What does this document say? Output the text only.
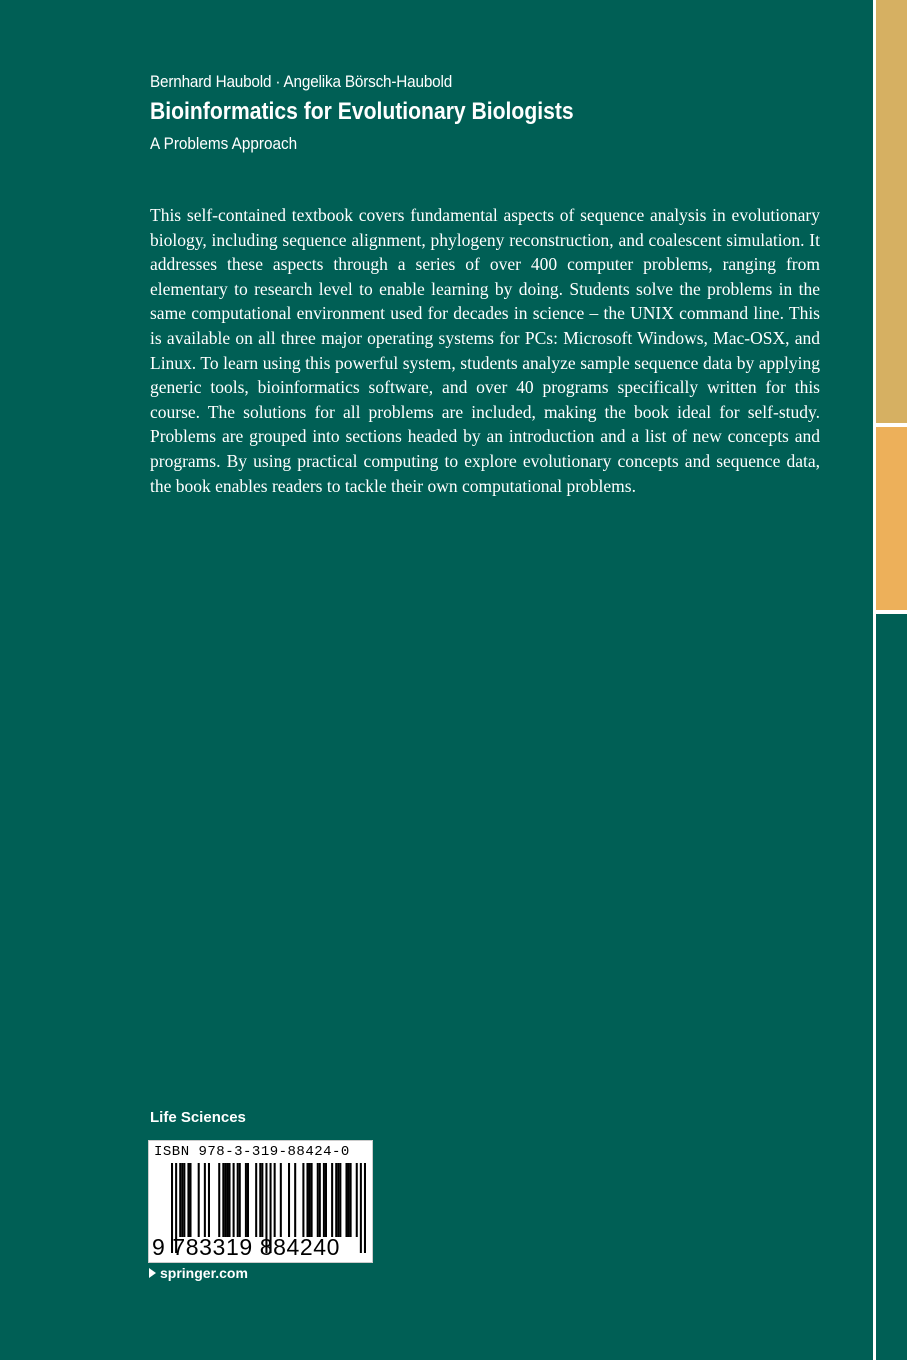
Bernhard Haubold · Angelika Börsch-Haubold
Bioinformatics for Evolutionary Biologists
A Problems Approach
This self-contained textbook covers fundamental aspects of sequence analysis in evolutionary biology, including sequence alignment, phylogeny reconstruction, and coalescent simulation. It addresses these aspects through a series of over 400 computer problems, ranging from elementary to research level to enable learning by doing. Students solve the problems in the same computational environment used for decades in science – the UNIX command line. This is available on all three major operating systems for PCs: Microsoft Windows, Mac-OSX, and Linux. To learn using this powerful system, students analyze sample sequence data by applying generic tools, bioinformatics software, and over 40 programs specifically written for this course. The solutions for all problems are included, making the book ideal for self-study. Problems are grouped into sections headed by an introduction and a list of new concepts and programs. By using practical computing to explore evolutionary concepts and sequence data, the book enables readers to tackle their own computational problems.
Life Sciences
ISBN 978-3-319-88424-0
9 783319 884240
springer.com
